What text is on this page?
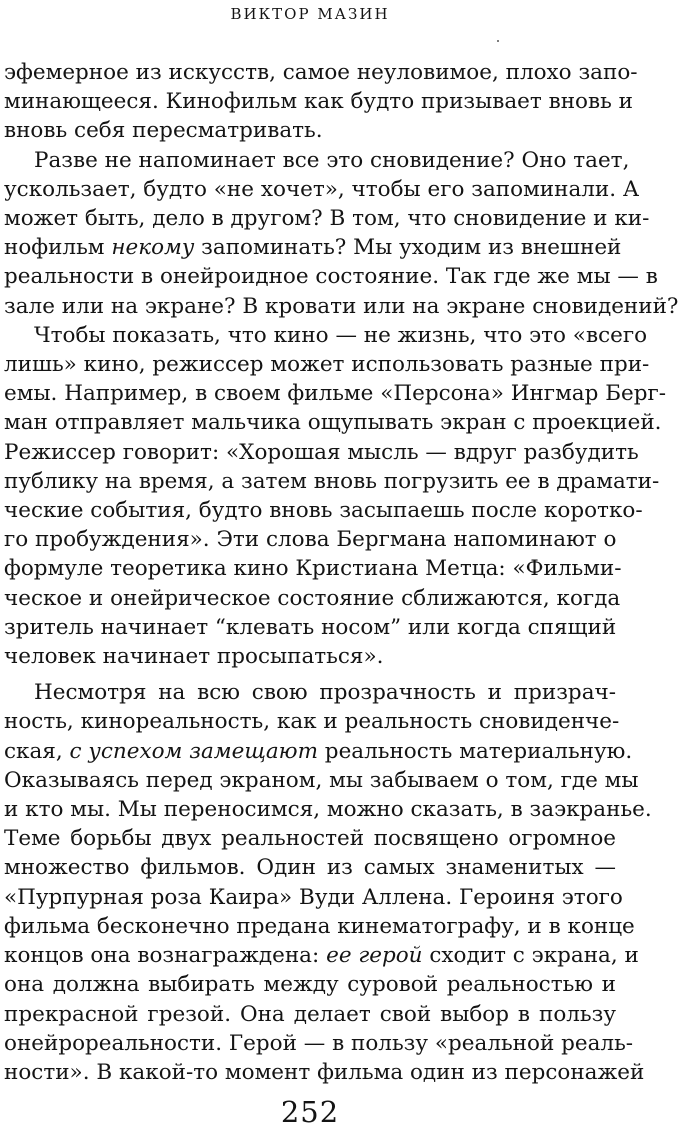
ВИКТОР МАЗИН
эфемерное из искусств, самое неуловимое, плохо запо-
минающееся. Кинофильм как будто призывает вновь и
вновь себя пересматривать.
Разве не напоминает все это сновидение? Оно тает,
ускользает, будто «не хочет», чтобы его запоминали. А
может быть, дело в другом? В том, что сновидение и ки-
нофильм некому запоминать? Мы уходим из внешней
реальности в онейроидное состояние. Так где же мы — в
зале или на экране? В кровати или на экране сновидений?
Чтобы показать, что кино — не жизнь, что это «всего
лишь» кино, режиссер может использовать разные при-
емы. Например, в своем фильме «Персона» Ингмар Берг-
ман отправляет мальчика ощупывать экран с проекцией.
Режиссер говорит: «Хорошая мысль — вдруг разбудить
публику на время, а затем вновь погрузить ее в драмати-
ческие события, будто вновь засыпаешь после коротко-
го пробуждения». Эти слова Бергмана напоминают о
формуле теоретика кино Кристиана Метца: «Фильми-
ческое и онейрическое состояние сближаются, когда
зритель начинает “клевать носом” или когда спящий
человек начинает просыпаться».
Несмотря на всю свою прозрачность и призрач-
ность, кинореальность, как и реальность сновиденче-
ская, с успехом замещают реальность материальную.
Оказываясь перед экраном, мы забываем о том, где мы
и кто мы. Мы переносимся, можно сказать, в заэкранье.
Теме борьбы двух реальностей посвящено огромное
множество фильмов. Один из самых знаменитых —
«Пурпурная роза Каира» Вуди Аллена. Героиня этого
фильма бесконечно предана кинематографу, и в конце
концов она вознаграждена: ее герой сходит с экрана, и
она должна выбирать между суровой реальностью и
прекрасной грезой. Она делает свой выбор в пользу
онейрореальности. Герой — в пользу «реальной реаль-
ности». В какой-то момент фильма один из персонажей
252
